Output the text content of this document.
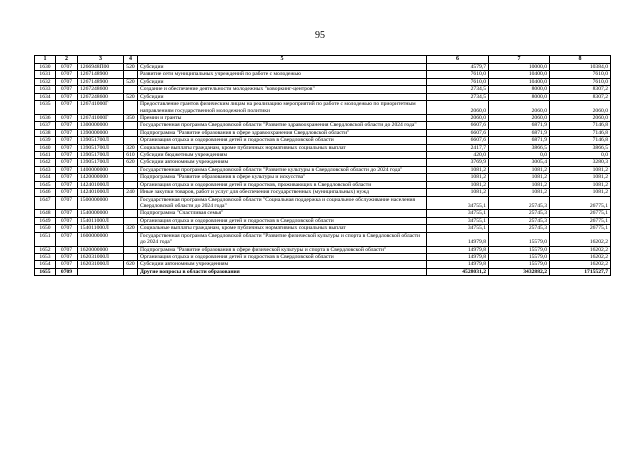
95
1	2	3	4	5	6	7	8
1630	0707	1266948П00	520	Субсидии	4579,7	10000,0	10384,0
1631	0707	1267148900		Развитие сети муниципальных учреждений по работе с молодежью	7610,0	10400,0	7610,0
1632	0707	1267148900	520	Субсидии	7610,0	10400,0	7610,0
1633	0707	1267248600		Создание и обеспечение деятельности молодежных "коворкинг-центров"	2734,5	8000,0	8307,2
1634	0707	1267248600	520	Субсидии	2734,5	8000,0	8307,2
1635	0707	126741000Г		Предоставление грантов физическим лицам на реализацию мероприятий по работе с молодежью по приоритетным направлениям государственной молодежной политики	2060,0	2060,0	2060,0
1636	0707	126741000Г	350	Премии и гранты	2060,0	2060,0	2060,0
1637	0707	1300000000		Государственная программа Свердловской области "Развитие здравоохранения Свердловской области до 2024 года"	6607,6	6871,9	7146,8
1638	0707	1390000000		Подпрограмма "Развитие образования в сфере здравоохранения Свердловской области"	6607,6	6871,9	7146,8
1639	0707	139051700Л		Организация отдыха и оздоровления детей и подростков в Свердловской области	6607,6	6871,9	7146,8
1640	0707	139051700Л	320	Социальные выплаты гражданам, кроме публичных нормативных социальных выплат	2417,7	3866,5	3866,5
1641	0707	139051700Л	610	Субсидии бюджетным учреждениям	420,0	0,0	0,0
1642	0707	139051700Л	620	Субсидии автономным учреждениям	3769,9	3005,4	3280,3
1643	0707	1400000000		Государственная программа Свердловской области "Развитие культуры в Свердловской области до 2024 года"	1081,2	1081,2	1081,2
1644	0707	1420000000		Подпрограмма "Развитие образования в сфере культуры и искусства"	1081,2	1081,2	1081,2
1645	0707	142401000Л		Организация отдыха и оздоровления детей и подростков, проживающих в Свердловской области	1081,2	1081,2	1081,2
1646	0707	142401000Л	240	Иные закупки товаров, работ и услуг для обеспечения государственных (муниципальных) нужд	1081,2	1081,2	1081,2
1647	0707	1500000000		Государственная программа Свердловской области "Социальная поддержка и социальное обслуживание населения Свердловской области до 2024 года"	34755,1	25745,3	26775,1
1648	0707	1540000000		Подпрограмма "Счастливая семья"	34755,1	25745,3	26775,1
1649	0707	154011000Л		Организация отдыха и оздоровления детей и подростков в Свердловской области	34755,1	25745,3	26775,1
1650	0707	154011000Л	320	Социальные выплаты гражданам, кроме публичных нормативных социальных выплат	34755,1	25745,3	26775,1
1651	0707	1600000000		Государственная программа Свердловской области "Развитие физической культуры и спорта в Свердловской области до 2024 года"	14979,8	15579,0	16202,2
1652	0707	1620000000		Подпрограмма "Развитие образования в сфере физической культуры и спорта в Свердловской области"	14979,8	15579,0	16202,2
1653	0707	162031000Л		Организация отдыха и оздоровления детей и подростков в Свердловской области	14979,8	15579,0	16202,2
1654	0707	162031000Л	620	Субсидии автономным учреждениям	14979,8	15579,0	16202,2
1655	0709			Другие вопросы в области образования	4528031,2	3432882,2	1715527,7
